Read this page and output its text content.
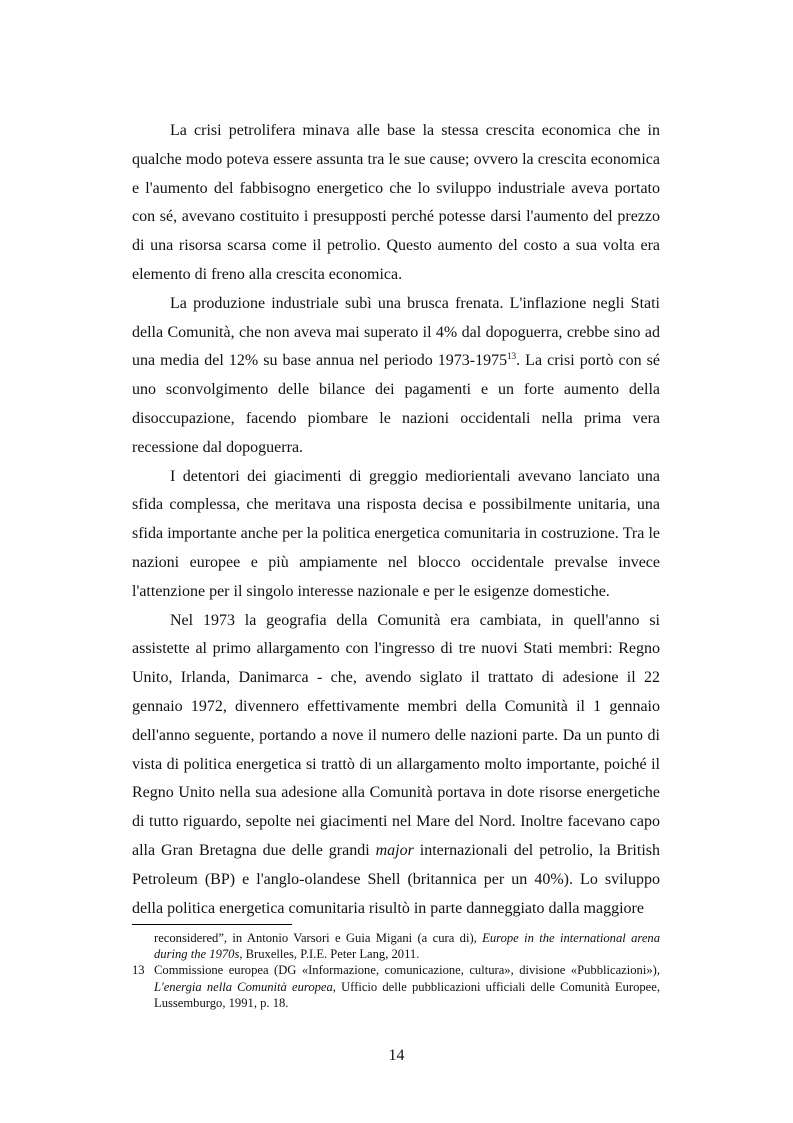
La crisi petrolifera minava alle base la stessa crescita economica che in qualche modo poteva essere assunta tra le sue cause; ovvero la crescita economica e l'aumento del fabbisogno energetico che lo sviluppo industriale aveva portato con sé, avevano costituito i presupposti perché potesse darsi l'aumento del prezzo di una risorsa scarsa come il petrolio. Questo aumento del costo a sua volta era elemento di freno alla crescita economica.

La produzione industriale subì una brusca frenata. L'inflazione negli Stati della Comunità, che non aveva mai superato il 4% dal dopoguerra, crebbe sino ad una media del 12% su base annua nel periodo 1973-1975$^{13}$. La crisi portò con sé uno sconvolgimento delle bilance dei pagamenti e un forte aumento della disoccupazione, facendo piombare le nazioni occidentali nella prima vera recessione dal dopoguerra.

I detentori dei giacimenti di greggio mediorientali avevano lanciato una sfida complessa, che meritava una risposta decisa e possibilmente unitaria, una sfida importante anche per la politica energetica comunitaria in costruzione. Tra le nazioni europee e più ampiamente nel blocco occidentale prevalse invece l'attenzione per il singolo interesse nazionale e per le esigenze domestiche.

Nel 1973 la geografia della Comunità era cambiata, in quell'anno si assistette al primo allargamento con l'ingresso di tre nuovi Stati membri: Regno Unito, Irlanda, Danimarca - che, avendo siglato il trattato di adesione il 22 gennaio 1972, divennero effettivamente membri della Comunità il 1 gennaio dell'anno seguente, portando a nove il numero delle nazioni parte. Da un punto di vista di politica energetica si trattò di un allargamento molto importante, poiché il Regno Unito nella sua adesione alla Comunità portava in dote risorse energetiche di tutto riguardo, sepolte nei giacimenti nel Mare del Nord. Inoltre facevano capo alla Gran Bretagna due delle grandi major internazionali del petrolio, la British Petroleum (BP) e l'anglo-olandese Shell (britannica per un 40%). Lo sviluppo della politica energetica comunitaria risultò in parte danneggiato dalla maggiore

reconsidered”, in Antonio Varsori e Guia Migani (a cura di), Europe in the international arena during the 1970s, Bruxelles, P.I.E. Peter Lang, 2011.

13 Commissione europea (DG «Informazione, comunicazione, cultura», divisione «Pubblicazioni»), L'energia nella Comunità europea, Ufficio delle pubblicazioni ufficiali delle Comunità Europee, Lussemburgo, 1991, p. 18.

14
